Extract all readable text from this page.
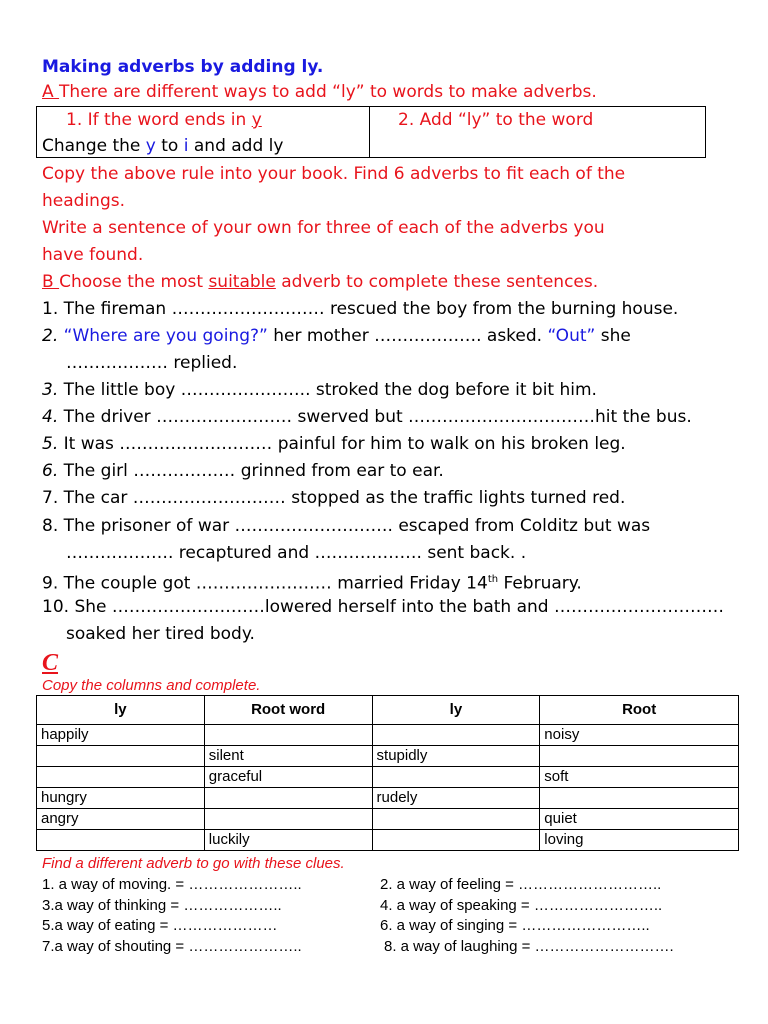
Making adverbs by adding ly.
A There are different ways to add “ly” to words to make adverbs.
1. If the word ends in y
Change the y to i and add ly
2. Add “ly” to the word
Copy the above rule into your book. Find 6 adverbs to fit each of the
headings.
Write a sentence of your own for three of each of the adverbs you
have found.
B Choose the most suitable adverb to complete these sentences.
1. The fireman ……………………… rescued the boy from the burning house.
2. “Where are you going?” her mother ………………. asked. “Out” she
……………… replied.
3. The little boy ………………….. stroked the dog before it bit him.
4. The driver …………………… swerved but ……………………………hit the bus.
5. It was ……………………… painful for him to walk on his broken leg.
6. The girl ……………… grinned from ear to ear.
7. The car ……………………… stopped as the traffic lights turned red.
8. The prisoner of war ………………………. escaped from Colditz but was
………………. recaptured and ………………. sent back. .
9. The couple got …………………… married Friday 14th February.
10. She ………………………lowered herself into the bath and …………………………
soaked her tired body.
C
Copy the columns and complete.
ly	Root word	ly	Root
happily			noisy
	silent	stupidly	
	graceful		soft
hungry		rudely	
angry			quiet
	luckily		loving
Find a different adverb to go with these clues.
1. a way of moving. = …………………..
3.a way of thinking = ………………..
5.a way of eating = …………………
7.a way of shouting = …………………..
2. a way of feeling = ………………………..
4. a way of speaking = ……………………..
6. a way of singing = ……………………..
8. a way of laughing = ……………………….
